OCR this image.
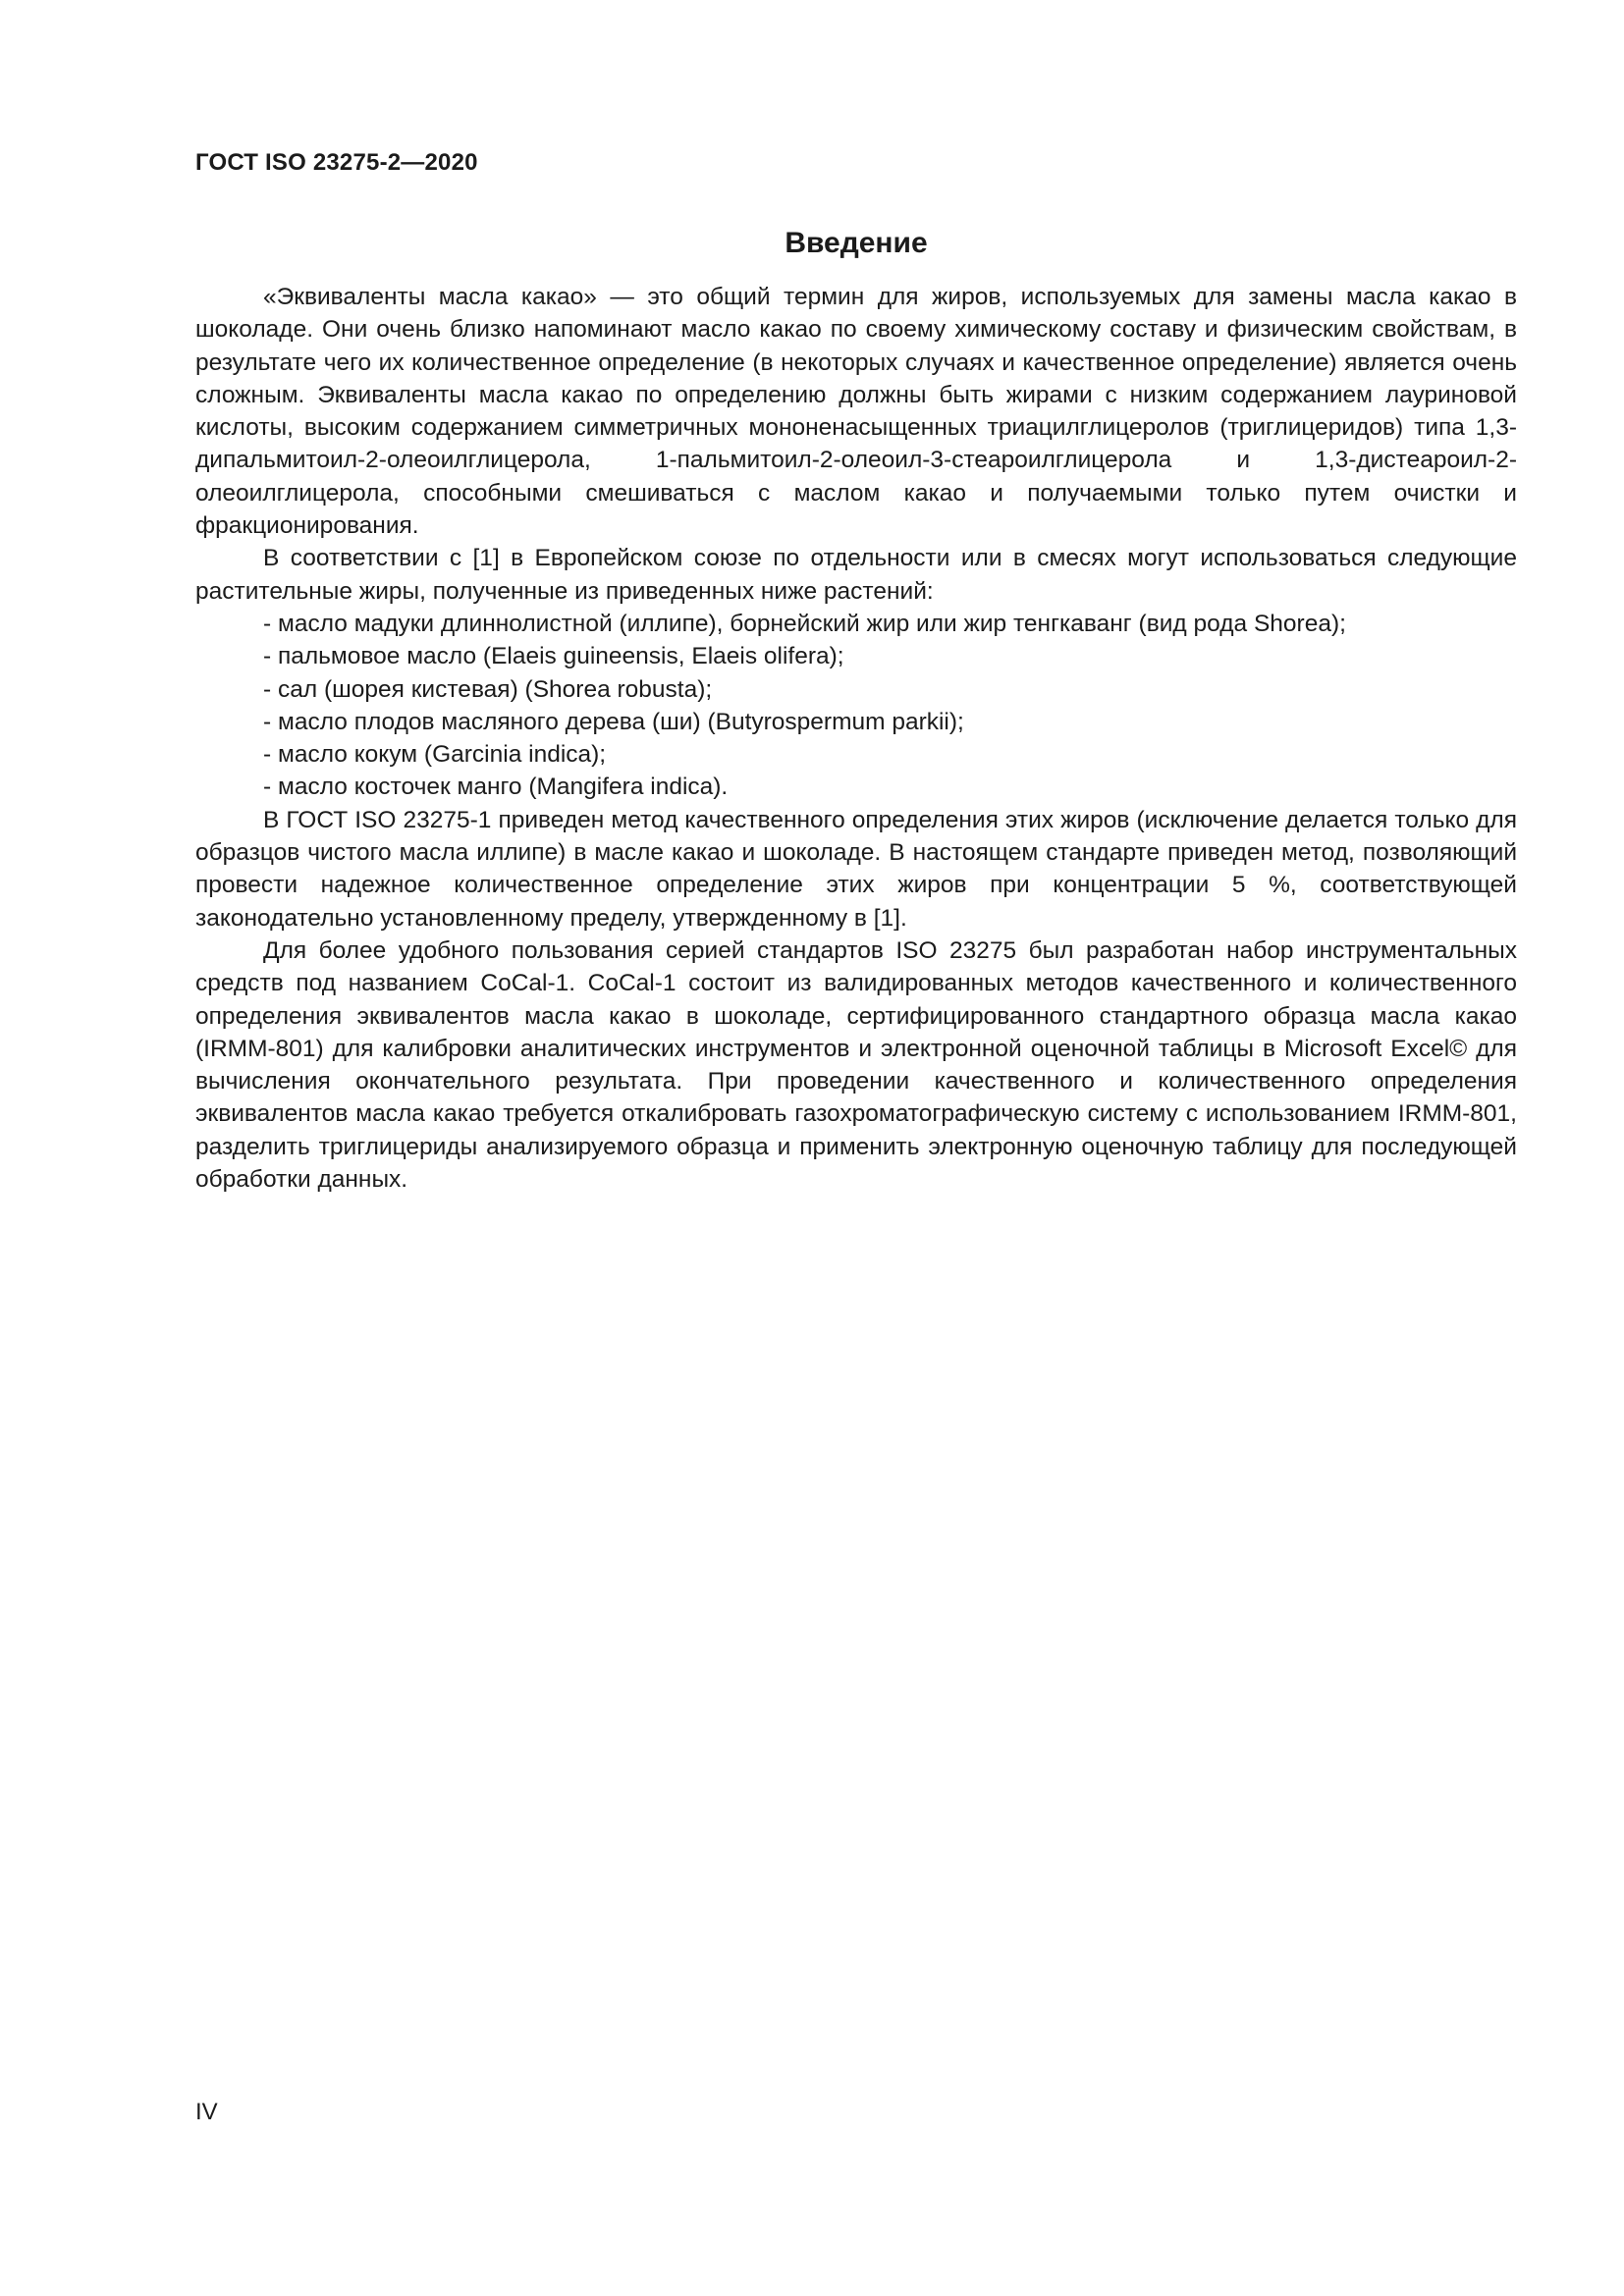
ГОСТ ISO 23275-2—2020
Введение

«Эквиваленты масла какао» — это общий термин для жиров, используемых для замены масла какао в шоколаде. Они очень близко напоминают масло какао по своему химическому составу и физическим свойствам, в результате чего их количественное определение (в некоторых случаях и качественное определение) является очень сложным. Эквиваленты масла какао по определению должны быть жирами с низким содержанием лауриновой кислоты, высоким содержанием симметричных мононенасыщенных триацилглицеролов (триглицеридов) типа 1,3-дипальмитоил-2-олеоилглицерола, 1-пальмитоил-2-олеоил-3-стеароилглицерола и 1,3-дистеароил-2-олеоилглицерола, способными смешиваться с маслом какао и получаемыми только путем очистки и фракционирования.

В соответствии с [1] в Европейском союзе по отдельности или в смесях могут использоваться следующие растительные жиры, полученные из приведенных ниже растений:

- масло мадуки длиннолистной (иллипе), борнейский жир или жир тенгкаванг (вид рода Shorea);
- пальмовое масло (Elaeis guineensis, Elaeis olifera);
- сал (шорея кистевая) (Shorea robusta);
- масло плодов масляного дерева (ши) (Butyrospermum parkii);
- масло кокум (Garcinia indica);
- масло косточек манго (Mangifera indica).

В ГОСТ ISO 23275-1 приведен метод качественного определения этих жиров (исключение делается только для образцов чистого масла иллипе) в масле какао и шоколаде. В настоящем стандарте приведен метод, позволяющий провести надежное количественное определение этих жиров при концентрации 5 %, соответствующей законодательно установленному пределу, утвержденному в [1].

Для более удобного пользования серией стандартов ISO 23275 был разработан набор инструментальных средств под названием CoCal-1. CoCal-1 состоит из валидированных методов качественного и количественного определения эквивалентов масла какао в шоколаде, сертифицированного стандартного образца масла какао (IRMM-801) для калибровки аналитических инструментов и электронной оценочной таблицы в Microsoft Excel© для вычисления окончательного результата. При проведении качественного и количественного определения эквивалентов масла какао требуется откалибровать газохроматографическую систему с использованием IRMM-801, разделить триглицериды анализируемого образца и применить электронную оценочную таблицу для последующей обработки данных.

IV
